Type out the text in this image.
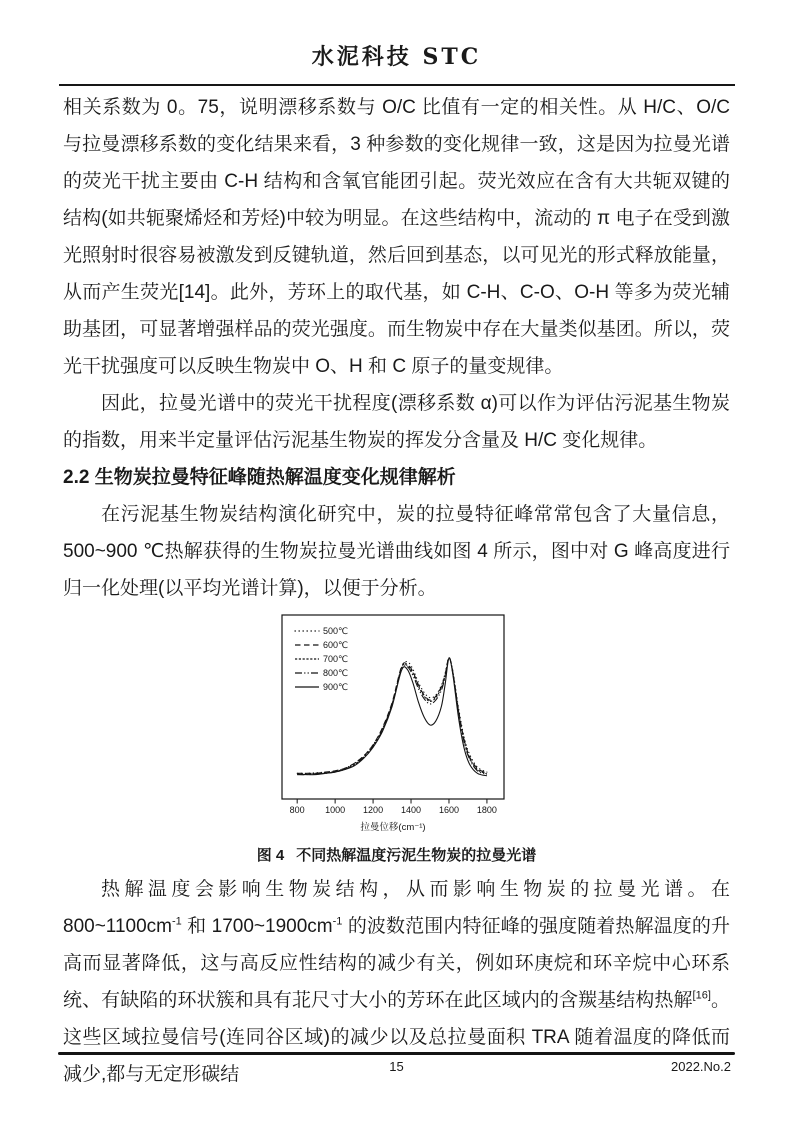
水泥科技 STC

相关系数为 0。75，说明漂移系数与 O/C 比值有一定的相关性。从 H/C、O/C 与拉曼漂移系数的变化结果来看，3 种参数的变化规律一致，这是因为拉曼光谱的荧光干扰主要由 C-H 结构和含氧官能团引起。荧光效应在含有大共轭双键的结构(如共轭聚烯烃和芳烃)中较为明显。在这些结构中，流动的 π 电子在受到激光照射时很容易被激发到反键轨道，然后回到基态，以可见光的形式释放能量，从而产生荧光[14]。此外，芳环上的取代基，如 C-H、C-O、O-H 等多为荧光辅助基团，可显著增强样品的荧光强度。而生物炭中存在大量类似基团。所以，荧光干扰强度可以反映生物炭中 O、H 和 C 原子的量变规律。

因此，拉曼光谱中的荧光干扰程度(漂移系数 α)可以作为评估污泥基生物炭的指数，用来半定量评估污泥基生物炭的挥发分含量及 H/C 变化规律。

2.2 生物炭拉曼特征峰随热解温度变化规律解析

在污泥基生物炭结构演化研究中，炭的拉曼特征峰常常包含了大量信息，500~900 ℃热解获得的生物炭拉曼光谱曲线如图 4 所示，图中对 G 峰高度进行归一化处理(以平均光谱计算)，以便于分析。

800 1000 1200 1400 1600 1800
拉曼位移(cm⁻¹)
500℃
600℃
700℃
800℃
900℃
图 4 不同热解温度污泥生物炭的拉曼光谱

热解温度会影响生物炭结构，从而影响生物炭的拉曼光谱。在 $800\sim 1100cm^{-1}$ 和 $1700\sim 1900cm^{-1}$ 的波数范围内特征峰的强度随着热解温度的升高而显著降低，这与高反应性结构的减少有关，例如环庚烷和环辛烷中心环系统、有缺陷的环状簇和具有苝尺寸大小的芳环在此区域内的含羰基结构热解[16]。这些区域拉曼信号(连同谷区域)的减少以及总拉曼面积 TRA 随着温度的降低而减少,都与无定形碳结	15	2022.No.2
